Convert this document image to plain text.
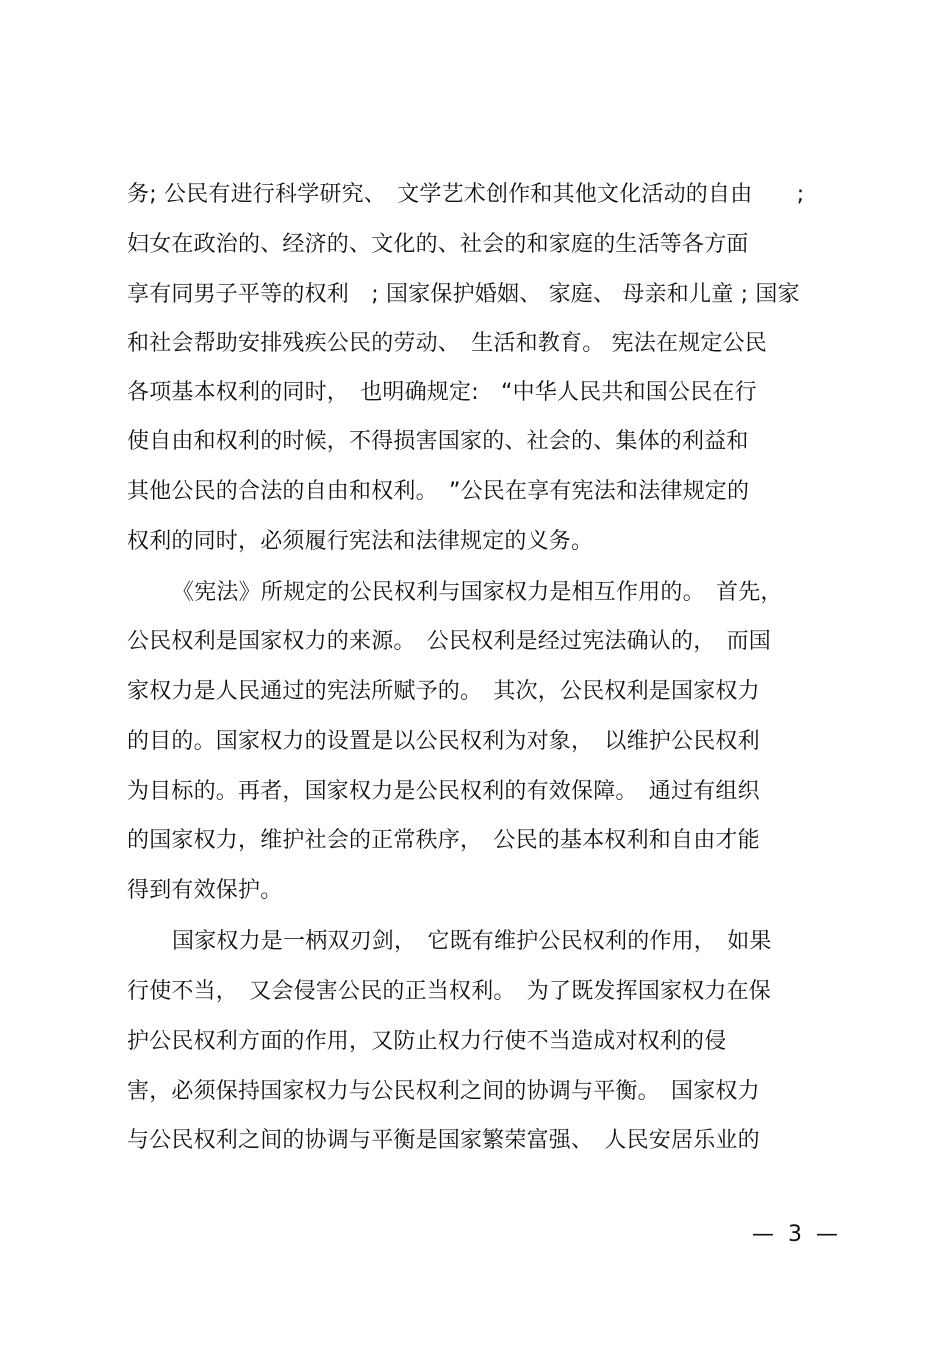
务; 公民有进行科学研究、　文学艺术创作和其他文化活动的自由　　;
妇女在政治的、经济的、文化的、社会的和家庭的生活等各方面
享有同男子平等的权利　; 国家保护婚姻、 家庭、 母亲和儿童 ; 国家
和社会帮助安排残疾公民的劳动、　生活和教育。 宪法在规定公民
各项基本权利的同时，　也明确规定:　“中华人民共和国公民在行
使自由和权利的时候，不得损害国家的、社会的、集体的利益和
其他公民的合法的自由和权利。　”公民在享有宪法和法律规定的
权利的同时，必须履行宪法和法律规定的义务。
《宪法》所规定的公民权利与国家权力是相互作用的。　首先，
公民权利是国家权力的来源。　公民权利是经过宪法确认的，　而国
家权力是人民通过的宪法所赋予的。　其次，公民权利是国家权力
的目的。国家权力的设置是以公民权利为对象，　以维护公民权利
为目标的。再者，国家权力是公民权利的有效保障。　通过有组织
的国家权力，维护社会的正常秩序，　公民的基本权利和自由才能
得到有效保护。
国家权力是一柄双刃剑，　它既有维护公民权利的作用，　如果
行使不当，　又会侵害公民的正当权利。　为了既发挥国家权力在保
护公民权利方面的作用，又防止权力行使不当造成对权利的侵
害，必须保持国家权力与公民权利之间的协调与平衡。　国家权力
与公民权利之间的协调与平衡是国家繁荣富强、　人民安居乐业的
—  3  —
